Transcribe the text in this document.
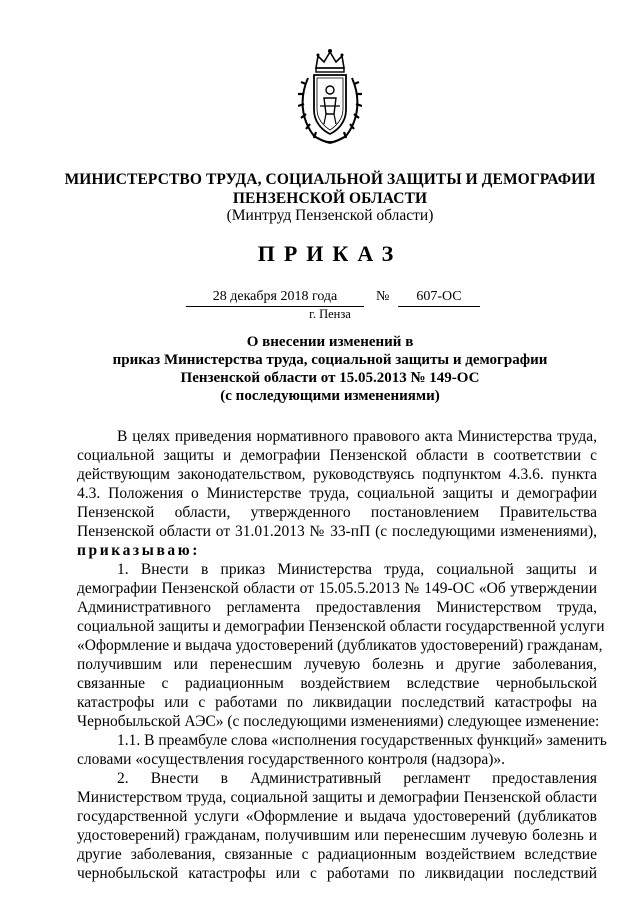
МИНИСТЕРСТВО ТРУДА, СОЦИАЛЬНОЙ ЗАЩИТЫ И ДЕМОГРАФИИ
ПЕНЗЕНСКОЙ ОБЛАСТИ
(Минтруд Пензенской области)
ПРИКАЗ
28 декабря 2018 года	№	607-ОС
г. Пенза
О внесении изменений в
приказ Министерства труда, социальной защиты и демографии
Пензенской области от 15.05.2013 № 149-ОС
(с последующими изменениями)
В целях приведения нормативного правового акта Министерства труда,
социальной защиты и демографии Пензенской области в соответствии с
действующим законодательством, руководствуясь подпунктом 4.3.6. пункта
4.3. Положения о Министерстве труда, социальной защиты и демографии
Пензенской области, утвержденного постановлением Правительства
Пензенской области от 31.01.2013 № 33-пП (с последующими изменениями),
приказываю:
1. Внести в приказ Министерства труда, социальной защиты и
демографии Пензенской области от 15.05.5.2013 № 149-ОС «Об утверждении
Административного регламента предоставления Министерством труда,
социальной защиты и демографии Пензенской области государственной услуги
«Оформление и выдача удостоверений (дубликатов удостоверений) гражданам,
получившим или перенесшим лучевую болезнь и другие заболевания,
связанные с радиационным воздействием вследствие чернобыльской
катастрофы или с работами по ликвидации последствий катастрофы на
Чернобыльской АЭС» (с последующими изменениями) следующее изменение:
1.1. В преамбуле слова «исполнения государственных функций» заменить
словами «осуществления государственного контроля (надзора)».
2. Внести в Административный регламент предоставления
Министерством труда, социальной защиты и демографии Пензенской области
государственной услуги «Оформление и выдача удостоверений (дубликатов
удостоверений) гражданам, получившим или перенесшим лучевую болезнь и
другие заболевания, связанные с радиационным воздействием вследствие
чернобыльской катастрофы или с работами по ликвидации последствий
